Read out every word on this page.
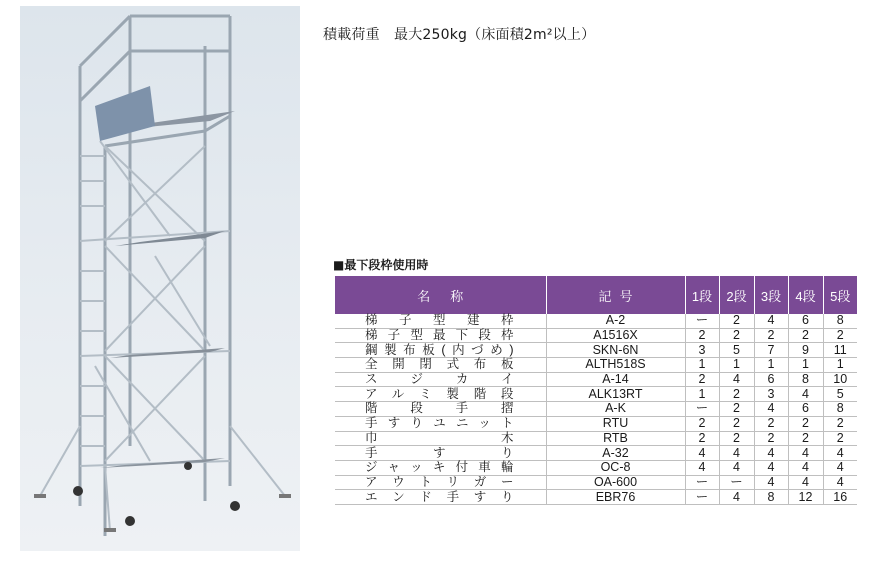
積載荷重　最大250kg（床面積2m²以上）
■最下段枠使用時
名称	記号	1段	2段	3段	4段	5段
梯子型建枠	A-2	ー	2	4	6	8
梯子型最下段枠	A1516X	2	2	2	2	2
鋼製布板(内づめ)	SKN-6N	3	5	7	9	11
全開閉式布板	ALTH518S	1	1	1	1	1
スジカイ	A-14	2	4	6	8	10
アルミ製階段	ALK13RT	1	2	3	4	5
階段手摺	A-K	ー	2	4	6	8
手すりユニット	RTU	2	2	2	2	2
巾木	RTB	2	2	2	2	2
手すり	A-32	4	4	4	4	4
ジャッキ付車輪	OC-8	4	4	4	4	4
アウトリガー	OA-600	ー	ー	4	4	4
エンド手すり	EBR76	ー	4	8	12	16
